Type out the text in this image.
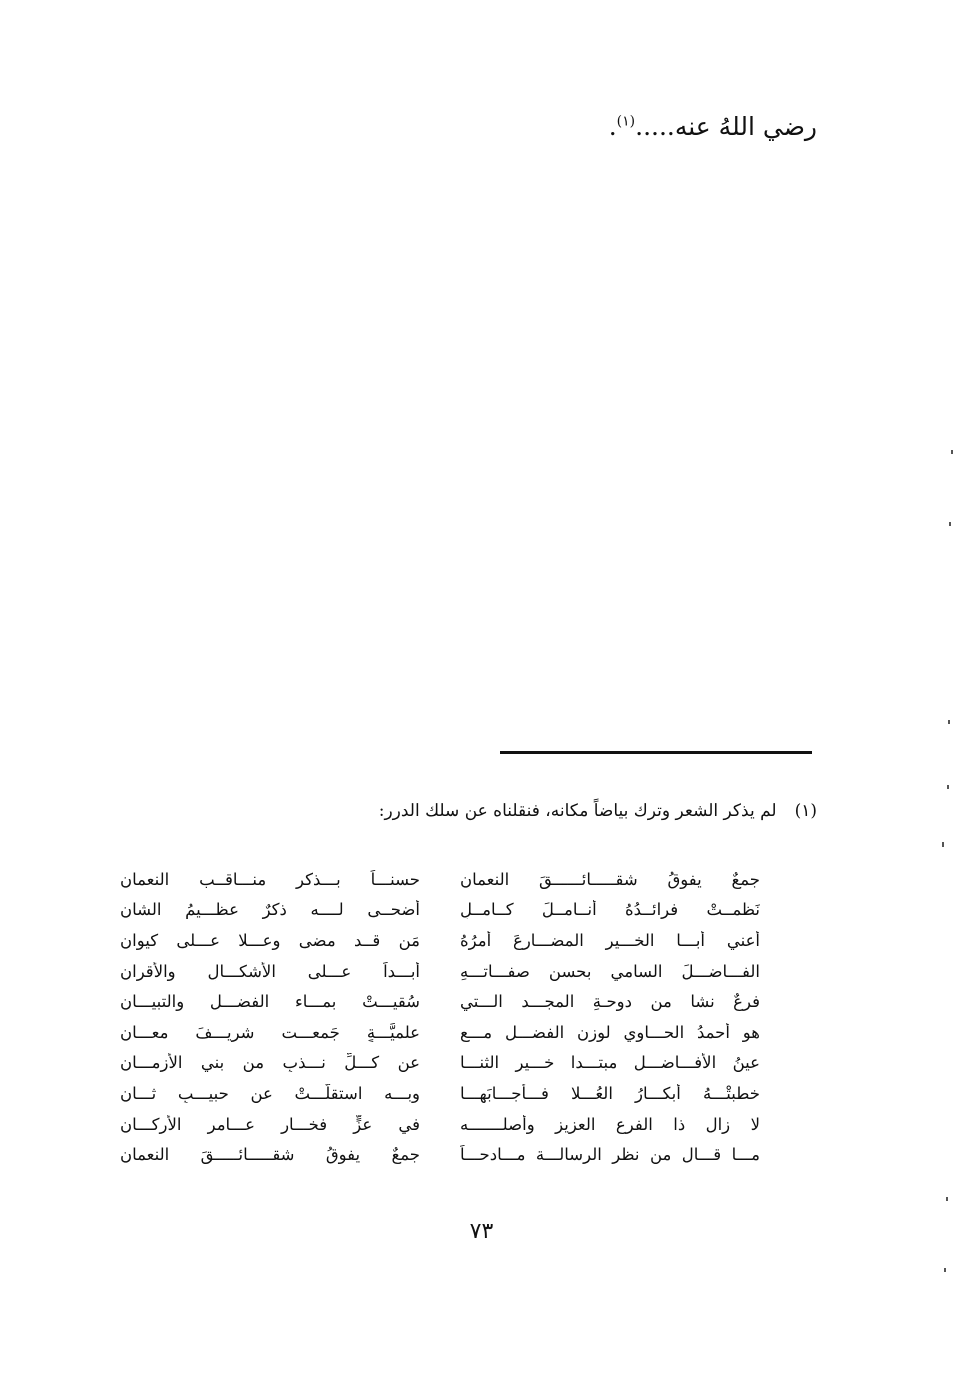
رضي اللهُ عنه.....$^{(١)}$.
(١)لم يذكر الشعر وترك بياضاً مكانه، فنقلناه عن سلك الدرر:
جمعٌ يفوقُ شقـــــائــــــقَ النعمانِ
حسنـــاً بـــذكرِ منـــاقــب النعمانِ
نَظمــتْ فرائــدُهُ أنــامــلَ كــامــلٍ
أضحــى لــــه ذكرٌ عظـــيمُ الشانِ
أعني أبـــا الخـــيرِ المضـــارعَ أمرُهُ
مَن قــد مضى وعـــلا عـــلى كيوانِ
الفـــاضـــلَ السامي بحسن صفـــاتـــهِ
أبـــداً عـــلى الأشكـــالِ والأقرانِ
فرعٌ نشا من دوحـةِ المجـــد الـــتي
سُقيـــتْ بمـــاء الفضـــلِ والتبيـــانِ
هو أحمدُ الحـــاوي لوزنِ الفضـــل مـــع
علميَّـــةٍ جَمعـــت شريـــفَ معـــانِ
عينُ الأفـــاضـــلِ مبتـــدا خـــير الثنـــا
عن كـــلِّ نـــذبٍ من بني الأزمـــانِ
خطبتْـــهُ أبكـــارُ العُـــلا فـــأجـــابَهـــا
وبـــه استقلَّـــتْ عن حبيـــبٍ ثـــانِ
لا زال ذا الفرع العزيز وأصلـــــــه
في عزٍّ فخـــارِ عـــامرِ الأركـــانِ
مـــا قـــال من نظر الرسالـــة مـــادحـــاً
جمعٌ يفوقُ شقـــــائـــــقَ النعمانِ
٧٣
